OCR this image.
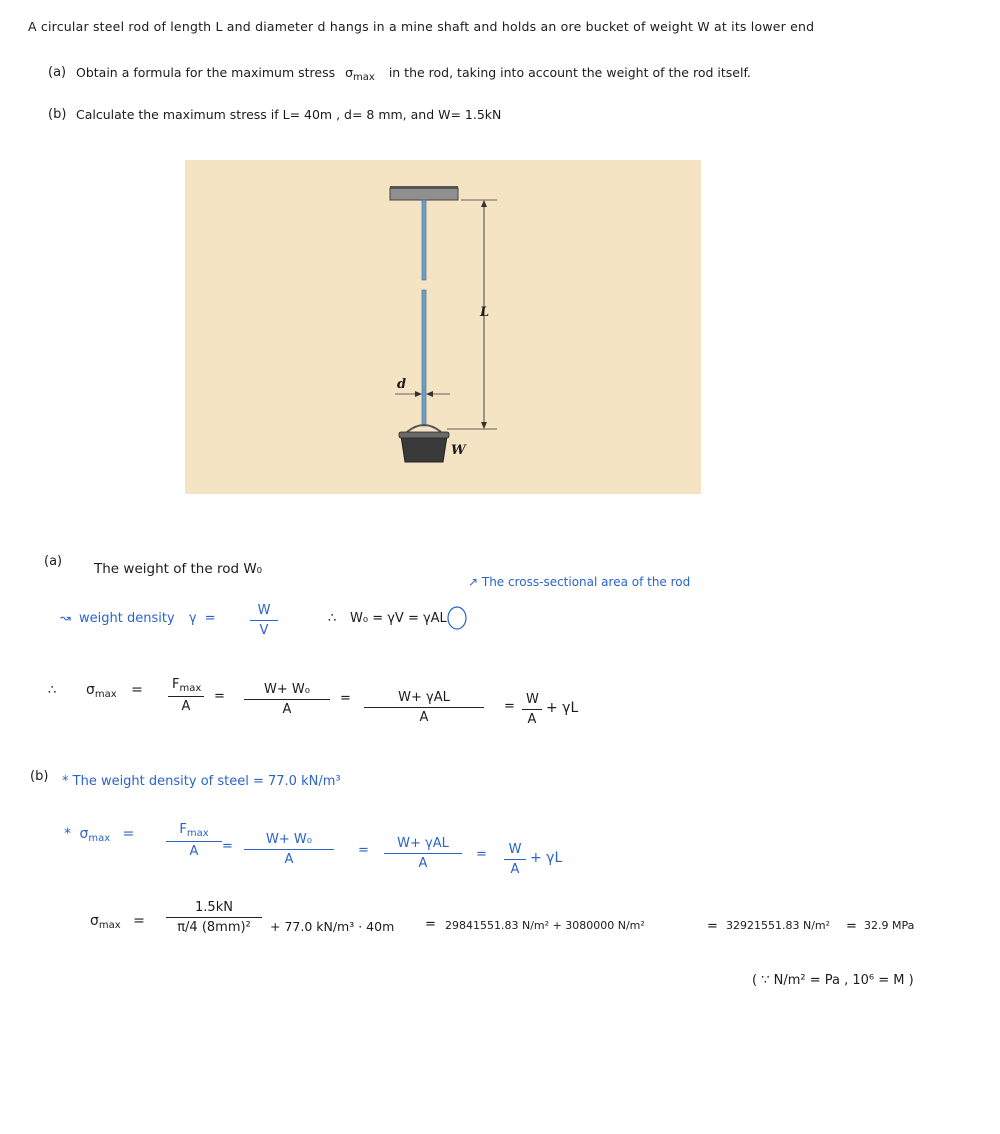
A circular steel rod of length L and diameter d hangs in a mine shaft and holds an ore bucket of weight W at its lower end
(a) Obtain a formula for the maximum stress $\sigma_{max}$ in the rod, taking into account the weight of the rod itself.
(b) Calculate the maximum stress if L= 40m , d= 8 mm, and W= 1.5kN
L
d
W
(a) The weight of the rod W₀
↗ The cross-sectional area of the rod
↝ weight density γ =
W
V
∴ W₀ = γV = γAL
∴ $\sigma_{max}$ =	$F_{max}$
A
=	W+ W₀
A
=	W+ γAL
A
= W
A
+ γL
(b) * The weight density of steel = 77.0 kN/m³
* $\sigma_{max}$ =	$F_{max}$
A	=	W+ W₀
A
=	W+ γAL
A
=	W
A
+ γL
$\sigma_{max}$ =
1.5kN
π/4 (8mm)²	+ 77.0 kN/m³ · 40m = 29841551.83 N/m² + 3080000 N/m²	= 32921551.83 N/m² = 32.9 MPa
( ∵ N/m² = Pa , 10⁶ = M )
